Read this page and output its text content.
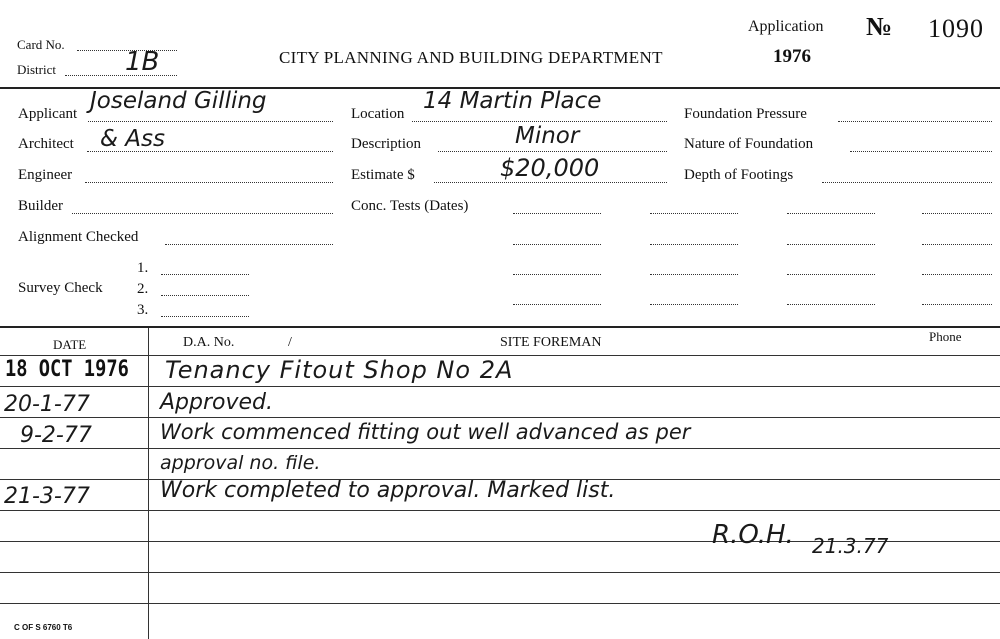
Card No.
District	1B	CITY PLANNING AND BUILDING DEPARTMENT
Application № 1090
1976
Applicant Joseland Gilling
Architect & Ass
Engineer
Builder
Alignment Checked
Survey Check
1.
2.
3.
Location 14 Martin Place
Description	Minor
Estimate $	$20,000
Conc. Tests (Dates)
Foundation Pressure
Nature of Foundation
Depth of Footings
DATE	D.A. No.	/	SITE FOREMAN	Phone
18 OCT 1976 Tenancy Fitout Shop No 2A
20-1-77	Approved.
9-2-77	Work commenced fitting out well advanced as per
approval no. file.
21-3-77	Work completed to approval. Marked list.
R.O.H. 21.3.77
C OF S 6760 T6
